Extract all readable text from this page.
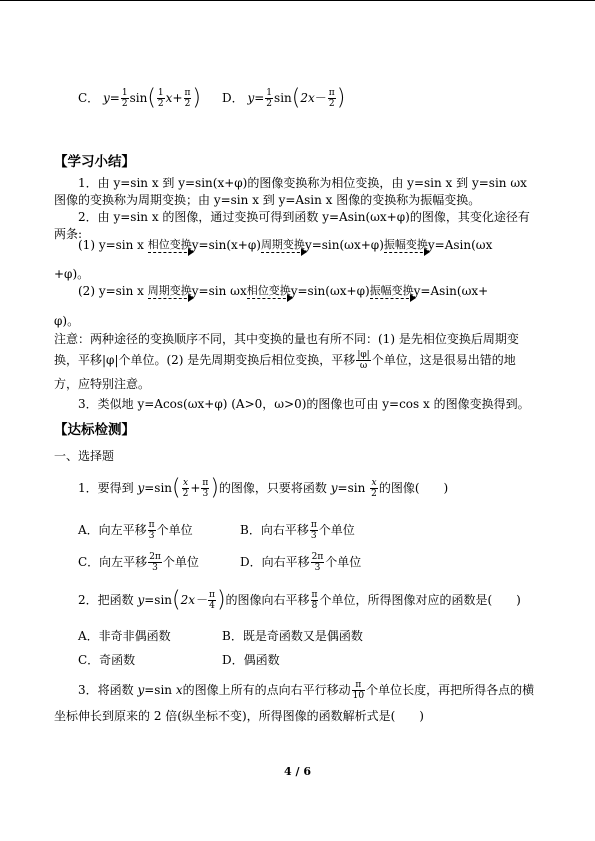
C． $y= \frac{1}{2} \sin( \frac{1}{2} x+ \frac{\pi}{2}$ ) D． $y= \frac{1}{2} \sin(2x- \frac{\pi}{2}$ )
【学习小结】
1．由 y=sin x 到 y=sin(x+φ)的图像变换称为相位变换，由 y=sin x 到 y=sin ωx
图像的变换称为周期变换；由 y=sin x 到 y=Asin x 图像的变换称为振幅变换。
2．由 y=sin x 的图像，通过变换可得到函数 y=Asin(ωx+φ)的图像，其变化途径有
两条:
(1) y=sin x 相位变换 y=sin(x+φ) 周期变换 y=sin(ωx+φ) 振幅变换 y=Asin(ωx
+φ)。
(2) y=sin x 周期变换 y=sin ωx 相位变换 y=sin(ωx+φ) 振幅变换 y=Asin(ωx+
φ)。
注意：两种途径的变换顺序不同，其中变换的量也有所不同：(1) 是先相位变换后周期变
换，平移|φ|个单位。(2) 是先周期变换后相位变换，平移 $\frac{|\varphi|}{\omega}$ 个单位，这是很易出错的地
方，应特别注意。
3．类似地 y=Acos(ωx+φ) (A>0，ω>0)的图像也可由 y=cos x 的图像变换得到。
【达标检测】
一、选择题
1．要得到 $y=\sin( \frac{x}{2} + \frac{\pi}{3}$ )的图像，只要将函数 $y=\sin \frac{x}{2}$ 的图像(　　)
A．向左平移 $\frac{\pi}{3}$ 个单位	B．向右平移 $\frac{\pi}{3}$ 个单位
C．向左平移 $\frac{2\pi}{3}$ 个单位	D．向右平移 $\frac{2\pi}{3}$ 个单位
2．把函数 $y=\sin(2x- \frac{\pi}{4}$ )的图像向右平移 $\frac{\pi}{8}$ 个单位，所得图像对应的函数是(　　)
A．非奇非偶函数	B．既是奇函数又是偶函数
C．奇函数	D．偶函数
3．将函数 y=sin x的图像上所有的点向右平行移动 $\frac{\pi}{10}$ 个单位长度，再把所得各点的横
坐标伸长到原来的 2 倍(纵坐标不变)，所得图像的函数解析式是(　　)
4 / 6
